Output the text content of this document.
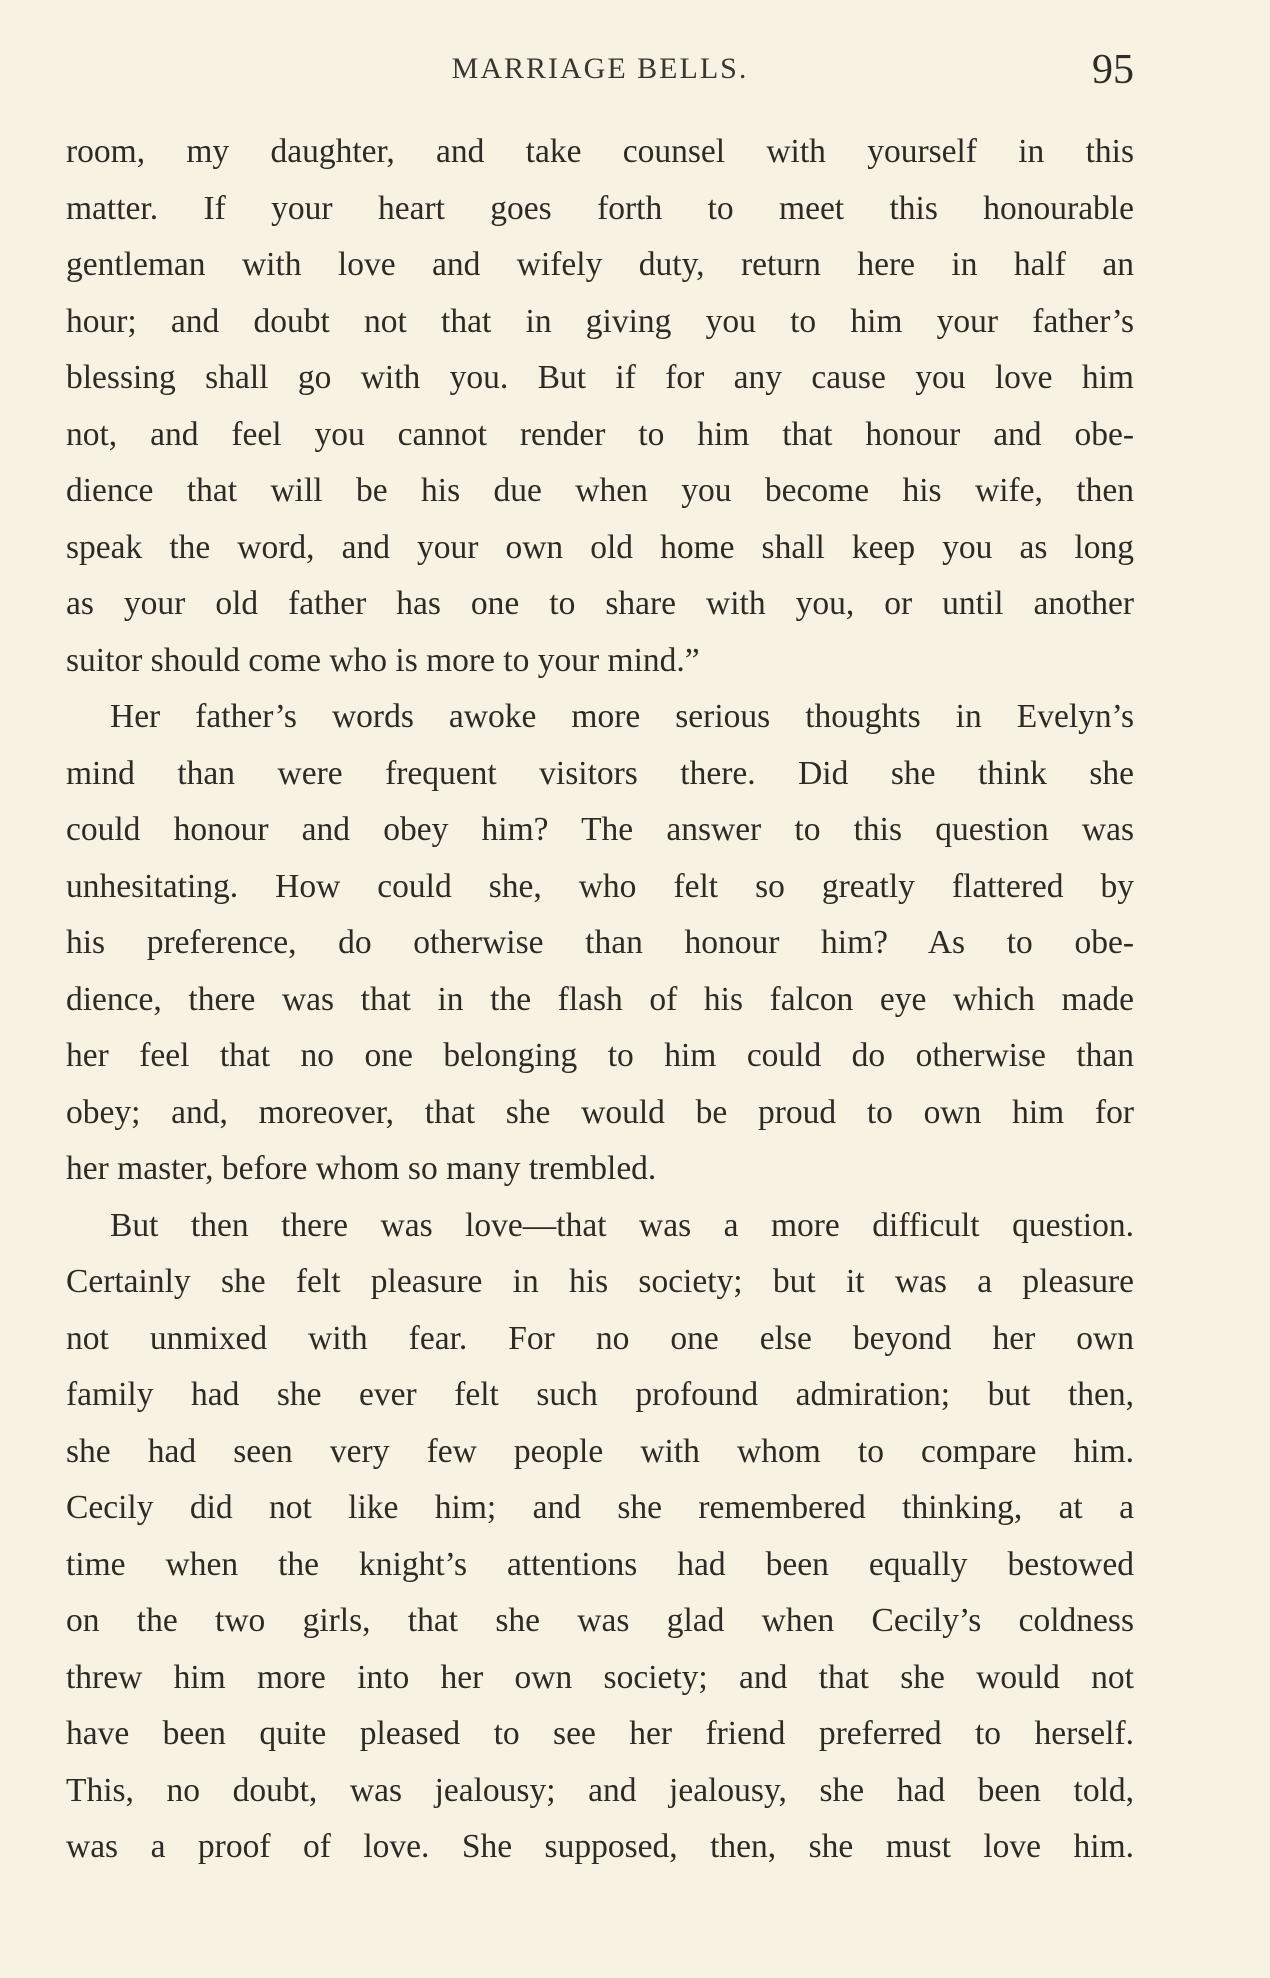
MARRIAGE BELLS.	95
room, my daughter, and take counsel with yourself in this
matter. If your heart goes forth to meet this honourable
gentleman with love and wifely duty, return here in half an
hour; and doubt not that in giving you to him your father’s
blessing shall go with you. But if for any cause you love him
not, and feel you cannot render to him that honour and obe-
dience that will be his due when you become his wife, then
speak the word, and your own old home shall keep you as long
as your old father has one to share with you, or until another
suitor should come who is more to your mind.”
Her father’s words awoke more serious thoughts in Evelyn’s
mind than were frequent visitors there. Did she think she
could honour and obey him? The answer to this question was
unhesitating. How could she, who felt so greatly flattered by
his preference, do otherwise than honour him? As to obe-
dience, there was that in the flash of his falcon eye which made
her feel that no one belonging to him could do otherwise than
obey; and, moreover, that she would be proud to own him for
her master, before whom so many trembled.
But then there was love—that was a more difficult question.
Certainly she felt pleasure in his society; but it was a pleasure
not unmixed with fear. For no one else beyond her own
family had she ever felt such profound admiration; but then,
she had seen very few people with whom to compare him.
Cecily did not like him; and she remembered thinking, at a
time when the knight’s attentions had been equally bestowed
on the two girls, that she was glad when Cecily’s coldness
threw him more into her own society; and that she would not
have been quite pleased to see her friend preferred to herself.
This, no doubt, was jealousy; and jealousy, she had been told,
was a proof of love. She supposed, then, she must love him.
